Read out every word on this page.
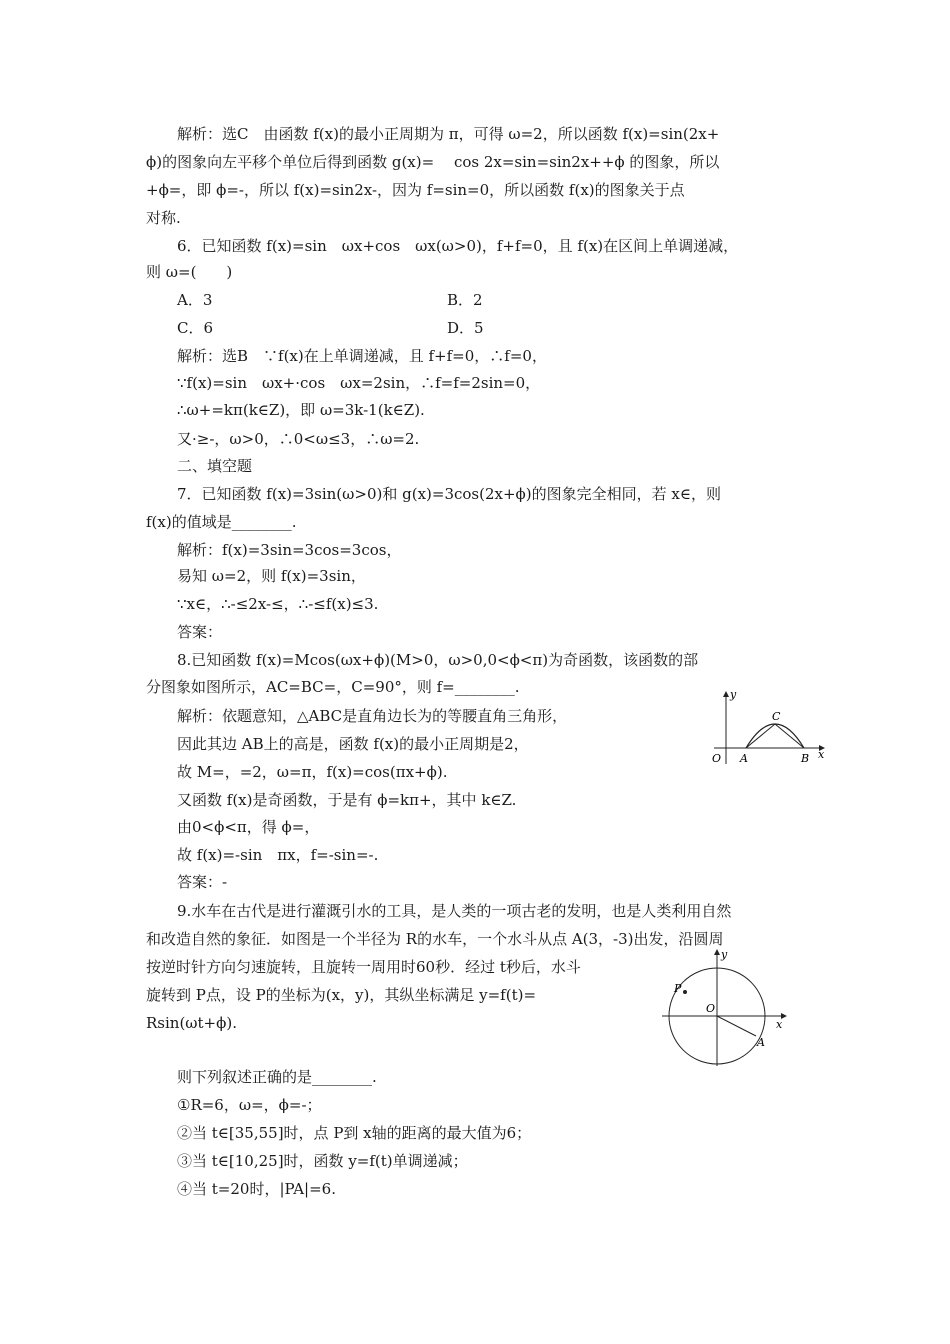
解析：选C　由函数 f(x)的最小正周期为 π，可得 ω=2，所以函数 f(x)=sin(2x+
ϕ)的图象向左平移个单位后得到函数 g(x)=　 cos 2x=sin=sin2x++ϕ 的图象，所以
+ϕ=，即 ϕ=-，所以 f(x)=sin2x-，因为 f=sin=0，所以函数 f(x)的图象关于点
对称.
6．已知函数 f(x)=sin　ωx+cos　ωx(ω>0)，f+f=0，且 f(x)在区间上单调递减，
则 ω=(　　)
A．3	B．2
C．6	D．5
解析：选B　∵f(x)在上单调递减，且 f+f=0，∴f=0，
∵f(x)=sin　ωx+·cos　ωx=2sin，∴f=f=2sin=0，
∴ω+=kπ(k∈Z)，即 ω=3k-1(k∈Z).
又·≥-，ω>0，∴0<ω≤3，∴ω=2.
二、填空题
7．已知函数 f(x)=3sin(ω>0)和 g(x)=3cos(2x+ϕ)的图象完全相同，若 x∈，则
f(x)的值域是________.
解析：f(x)=3sin=3cos=3cos，
易知 ω=2，则 f(x)=3sin，
∵x∈，∴-≤2x-≤，∴-≤f(x)≤3.
答案：
8.已知函数 f(x)=Mcos(ωx+ϕ)(M>0，ω>0,0<ϕ<π)为奇函数，该函数的部
分图象如图所示，AC=BC=，C=90°，则 f=________.
解析：依题意知，△ABC是直角边长为的等腰直角三角形，
因此其边 AB上的高是，函数 f(x)的最小正周期是2，
故 M=，=2，ω=π，f(x)=cos(πx+ϕ).
又函数 f(x)是奇函数，于是有 ϕ=kπ+，其中 k∈Z.
由0<ϕ<π，得 ϕ=，
故 f(x)=-sin　πx，f=-sin=-.
答案：-
y
x
O A	B
C
9.水车在古代是进行灌溉引水的工具，是人类的一项古老的发明，也是人类利用自然
和改造自然的象征．如图是一个半径为 R的水车，一个水斗从点 A(3，-3)出发，沿圆周
按逆时针方向匀速旋转，且旋转一周用时60秒．经过 t秒后，水斗
旋转到 P点，设 P的坐标为(x，y)，其纵坐标满足 y=f(t)=
Rsin(ωt+ϕ).
y
x
O
A
P
则下列叙述正确的是________.
①R=6，ω=，ϕ=-；
②当 t∈[35,55]时，点 P到 x轴的距离的最大值为6；
③当 t∈[10,25]时，函数 y=f(t)单调递减；
④当 t=20时，|PA|=6.
